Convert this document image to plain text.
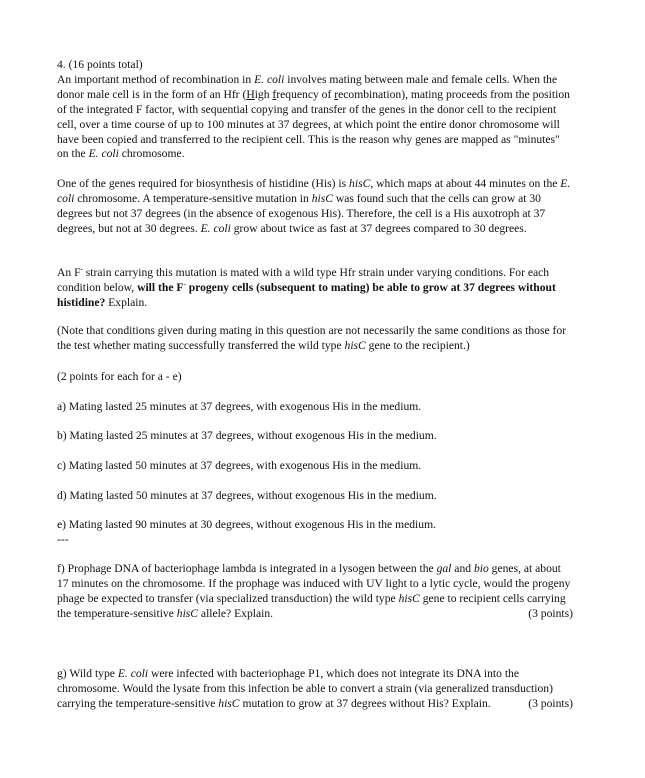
4. (16 points total)

An important method of recombination in E. coli involves mating between male and female cells. When the donor male cell is in the form of an Hfr (High frequency of recombination), mating proceeds from the position of the integrated F factor, with sequential copying and transfer of the genes in the donor cell to the recipient cell, over a time course of up to 100 minutes at 37 degrees, at which point the entire donor chromosome will have been copied and transferred to the recipient cell. This is the reason why genes are mapped as "minutes" on the E. coli chromosome.

One of the genes required for biosynthesis of histidine (His) is hisC, which maps at about 44 minutes on the E. coli chromosome. A temperature-sensitive mutation in hisC was found such that the cells can grow at 30 degrees but not 37 degrees (in the absence of exogenous His). Therefore, the cell is a His auxotroph at 37 degrees, but not at 30 degrees. E. coli grow about twice as fast at 37 degrees compared to 30 degrees.

An F- strain carrying this mutation is mated with a wild type Hfr strain under varying conditions. For each condition below, will the F- progeny cells (subsequent to mating) be able to grow at 37 degrees without histidine? Explain.

(Note that conditions given during mating in this question are not necessarily the same conditions as those for the test whether mating successfully transferred the wild type hisC gene to the recipient.)

(2 points for each for a - e)

a) Mating lasted 25 minutes at 37 degrees, with exogenous His in the medium.

b) Mating lasted 25 minutes at 37 degrees, without exogenous His in the medium.

c) Mating lasted 50 minutes at 37 degrees, with exogenous His in the medium.

d) Mating lasted 50 minutes at 37 degrees, without exogenous His in the medium.

e) Mating lasted 90 minutes at 30 degrees, without exogenous His in the medium.

---

f) Prophage DNA of bacteriophage lambda is integrated in a lysogen between the gal and bio genes, at about 17 minutes on the chromosome. If the prophage was induced with UV light to a lytic cycle, would the progeny phage be expected to transfer (via specialized transduction) the wild type hisC gene to recipient cells carrying the temperature-sensitive hisC allele? Explain.	(3 points)

g) Wild type E. coli were infected with bacteriophage P1, which does not integrate its DNA into the chromosome. Would the lysate from this infection be able to convert a strain (via generalized transduction) carrying the temperature-sensitive hisC mutation to grow at 37 degrees without His? Explain.	(3 points)
